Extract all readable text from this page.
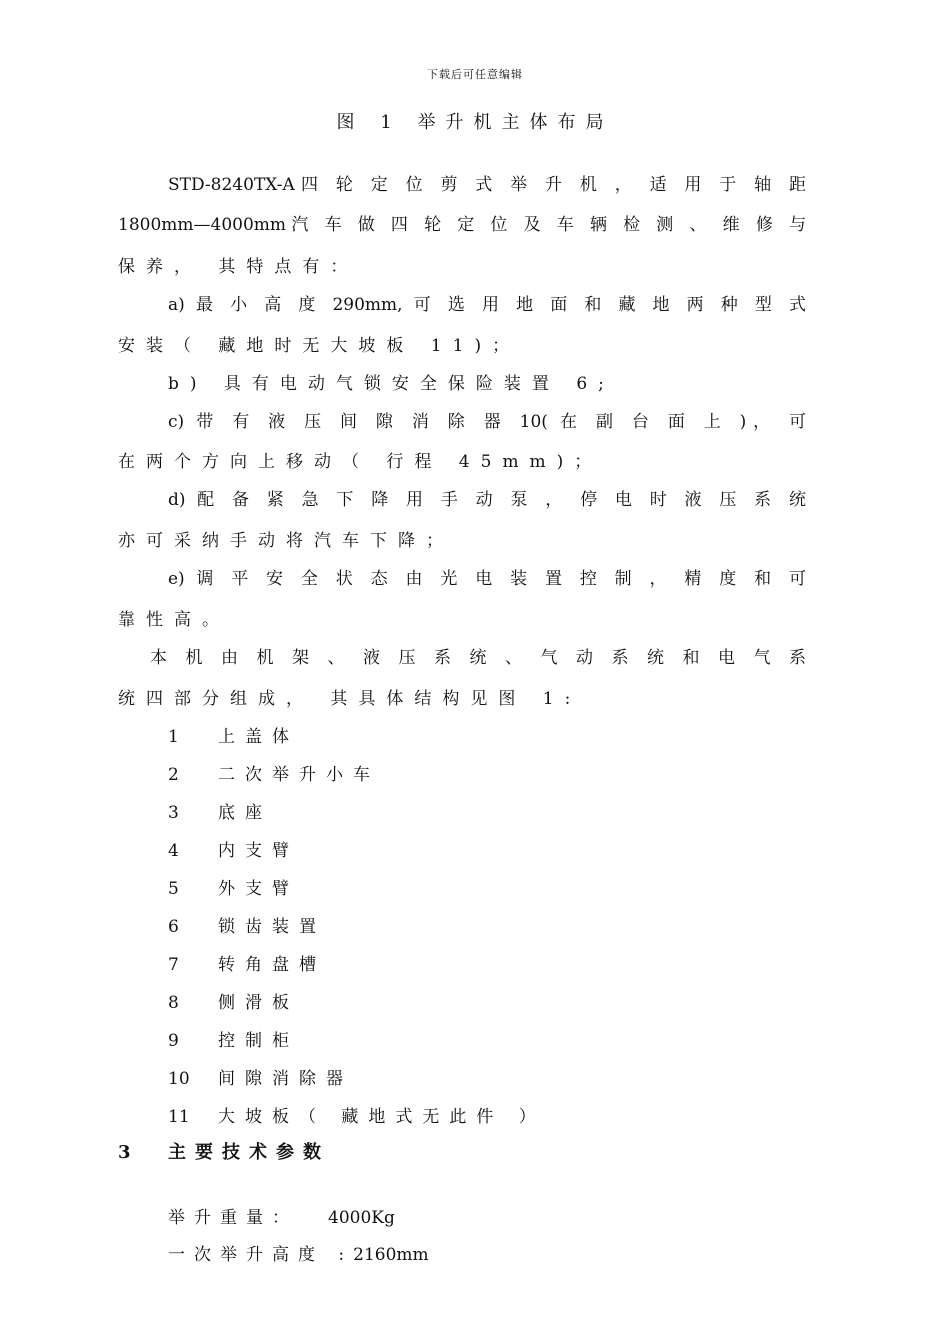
下载后可任意编辑
图 1 举升机主体布局
STD-8240TX-A四 轮 定 位 剪 式 举 升 机 ， 适 用 于 轴 距
1800mm—4000mm汽 车 做 四 轮 定 位 及 车 辆 检 测 、 维 修 与
保养， 其特点有：
a) 最 小 高 度 290mm, 可 选 用 地 面 和 藏 地 两 种 型 式
安装（ 藏地时无大坡板 11)；
b) 具有电动气锁安全保险装置 6;
c) 带 有 液 压 间 隙 消 除 器 10( 在 副 台 面 上 )， 可
在两个方向上移动（ 行程 45mm)；
d) 配 备 紧 急 下 降 用 手 动 泵 ， 停 电 时 液 压 系 统
亦可采纳手动将汽车下降；
e) 调 平 安 全 状 态 由 光 电 装 置 控 制 ， 精 度 和 可
靠性高。
本 机 由 机 架 、 液 压 系 统 、 气 动 系 统 和 电 气 系
统四部分组成， 其具体结构见图 1:
1 上盖体
2 二次举升小车
3 底座
4 内支臂
5 外支臂
6 锁齿装置
7 转角盘槽
8 侧滑板
9 控制柜
10 间隙消除器
11 大坡板（ 藏地式无此件 ）
3 主要技术参数
举升重量： 4000Kg
一次举升高度 :2160mm
